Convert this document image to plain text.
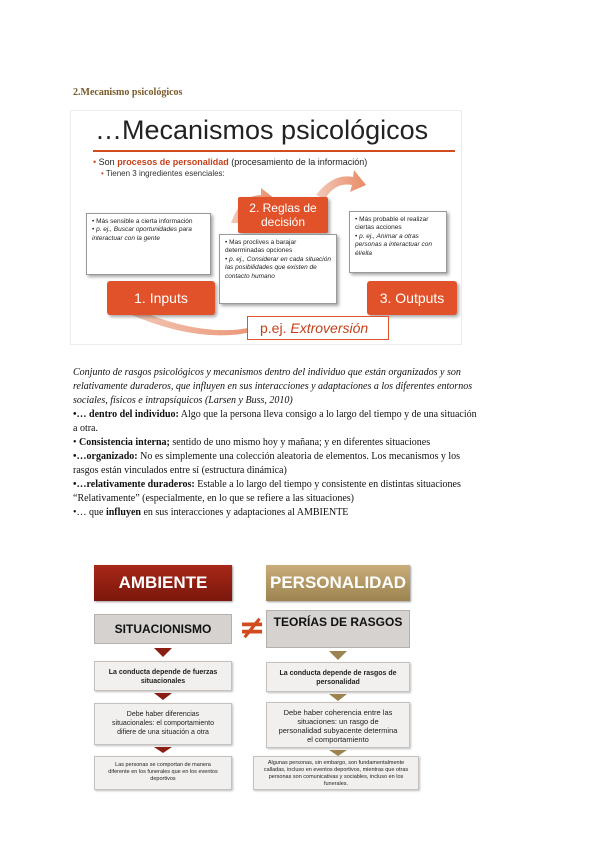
2.Mecanismo psicológicos
…Mecanismos psicológicos
• Son procesos de personalidad (procesamiento de la información)
• Tienen 3 ingredientes esenciales:
• Más sensible a cierta información
• p. ej., Buscar oportunidades para interactuar con la gente
1. Inputs
2. Reglas de decisión
• Mas proclives a barajar determinadas opciones
• p. ej., Considerar en cada situación las posibilidades que existen de contacto humano
• Más probable el realizar ciertas acciones
• p. ej., Animar a otras personas a interactuar con él/ella
3. Outputs
p.ej. Extroversión
Conjunto de rasgos psicológicos y mecanismos dentro del individuo que están organizados y son
relativamente duraderos, que influyen en sus interacciones y adaptaciones a los diferentes entornos
sociales, físicos e intrapsíquicos (Larsen y Buss, 2010)
•… dentro del individuo: Algo que la persona lleva consigo a lo largo del tiempo y de una situación
a otra.
• Consistencia interna; sentido de uno mismo hoy y mañana; y en diferentes situaciones
•…organizado: No es simplemente una colección aleatoria de elementos. Los mecanismos y los
rasgos están vinculados entre sí (estructura dinámica)
•…relativamente duraderos: Estable a lo largo del tiempo y consistente en distintas situaciones
“Relativamente” (especialmente, en lo que se refiere a las situaciones)
•… que influyen en sus interacciones y adaptaciones al AMBIENTE
AMBIENTE	PERSONALIDAD
SITUACIONISMO ≠ TEORÍAS DE RASGOS
La conducta depende de fuerzas situacionales
La conducta depende de rasgos de personalidad
Debe haber diferencias situacionales: el comportamiento difiere de una situación a otra
Debe haber coherencia entre las situaciones: un rasgo de personalidad subyacente determina el comportamiento
Las personas se comportan de manera diferente en los funerales que en los eventos deportivos
Algunas personas, sin embargo, son fundamentalmente calladas, incluso en eventos deportivos, mientras que otras personas son comunicativas y sociables, incluso en los funerales.
